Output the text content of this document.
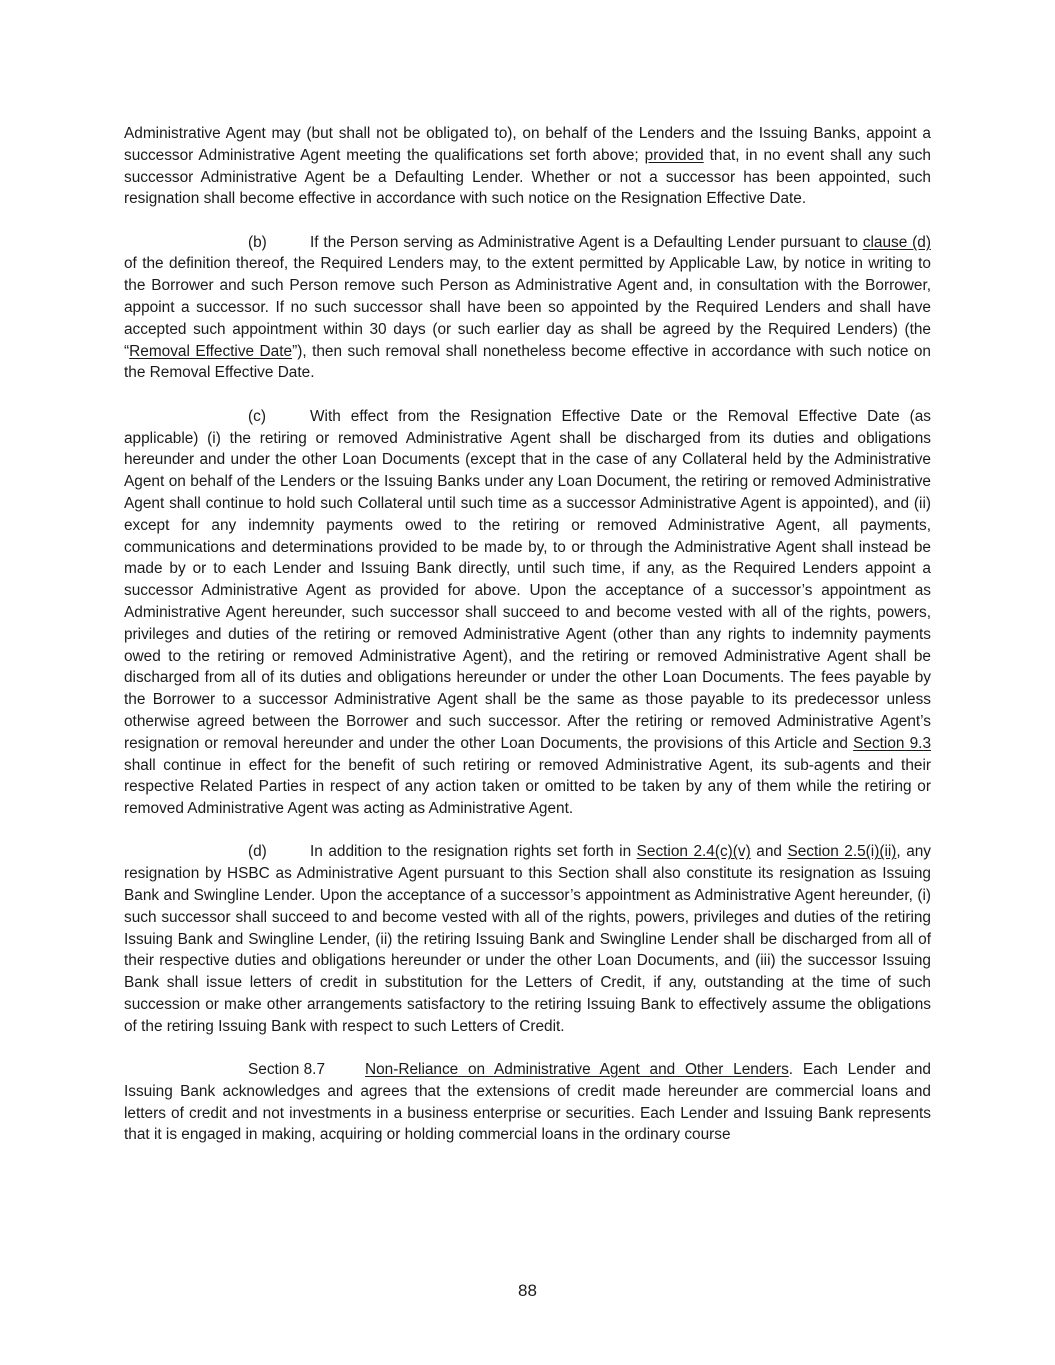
Administrative Agent may (but shall not be obligated to), on behalf of the Lenders and the Issuing Banks, appoint a successor Administrative Agent meeting the qualifications set forth above; provided that, in no event shall any such successor Administrative Agent be a Defaulting Lender. Whether or not a successor has been appointed, such resignation shall become effective in accordance with such notice on the Resignation Effective Date.

(b)	If the Person serving as Administrative Agent is a Defaulting Lender pursuant to clause (d) of the definition thereof, the Required Lenders may, to the extent permitted by Applicable Law, by notice in writing to the Borrower and such Person remove such Person as Administrative Agent and, in consultation with the Borrower, appoint a successor. If no such successor shall have been so appointed by the Required Lenders and shall have accepted such appointment within 30 days (or such earlier day as shall be agreed by the Required Lenders) (the “Removal Effective Date”), then such removal shall nonetheless become effective in accordance with such notice on the Removal Effective Date.

(c)	With effect from the Resignation Effective Date or the Removal Effective Date (as applicable) (i) the retiring or removed Administrative Agent shall be discharged from its duties and obligations hereunder and under the other Loan Documents (except that in the case of any Collateral held by the Administrative Agent on behalf of the Lenders or the Issuing Banks under any Loan Document, the retiring or removed Administrative Agent shall continue to hold such Collateral until such time as a successor Administrative Agent is appointed), and (ii) except for any indemnity payments owed to the retiring or removed Administrative Agent, all payments, communications and determinations provided to be made by, to or through the Administrative Agent shall instead be made by or to each Lender and Issuing Bank directly, until such time, if any, as the Required Lenders appoint a successor Administrative Agent as provided for above. Upon the acceptance of a successor’s appointment as Administrative Agent hereunder, such successor shall succeed to and become vested with all of the rights, powers, privileges and duties of the retiring or removed Administrative Agent (other than any rights to indemnity payments owed to the retiring or removed Administrative Agent), and the retiring or removed Administrative Agent shall be discharged from all of its duties and obligations hereunder or under the other Loan Documents. The fees payable by the Borrower to a successor Administrative Agent shall be the same as those payable to its predecessor unless otherwise agreed between the Borrower and such successor. After the retiring or removed Administrative Agent’s resignation or removal hereunder and under the other Loan Documents, the provisions of this Article and Section 9.3 shall continue in effect for the benefit of such retiring or removed Administrative Agent, its sub-agents and their respective Related Parties in respect of any action taken or omitted to be taken by any of them while the retiring or removed Administrative Agent was acting as Administrative Agent.

(d)	In addition to the resignation rights set forth in Section 2.4(c)(v) and Section 2.5(i)(ii), any resignation by HSBC as Administrative Agent pursuant to this Section shall also constitute its resignation as Issuing Bank and Swingline Lender. Upon the acceptance of a successor’s appointment as Administrative Agent hereunder, (i) such successor shall succeed to and become vested with all of the rights, powers, privileges and duties of the retiring Issuing Bank and Swingline Lender, (ii) the retiring Issuing Bank and Swingline Lender shall be discharged from all of their respective duties and obligations hereunder or under the other Loan Documents, and (iii) the successor Issuing Bank shall issue letters of credit in substitution for the Letters of Credit, if any, outstanding at the time of such succession or make other arrangements satisfactory to the retiring Issuing Bank to effectively assume the obligations of the retiring Issuing Bank with respect to such Letters of Credit.

Section 8.7	Non-Reliance on Administrative Agent and Other Lenders. Each Lender and Issuing Bank acknowledges and agrees that the extensions of credit made hereunder are commercial loans and letters of credit and not investments in a business enterprise or securities. Each Lender and Issuing Bank represents that it is engaged in making, acquiring or holding commercial loans in the ordinary course

88
